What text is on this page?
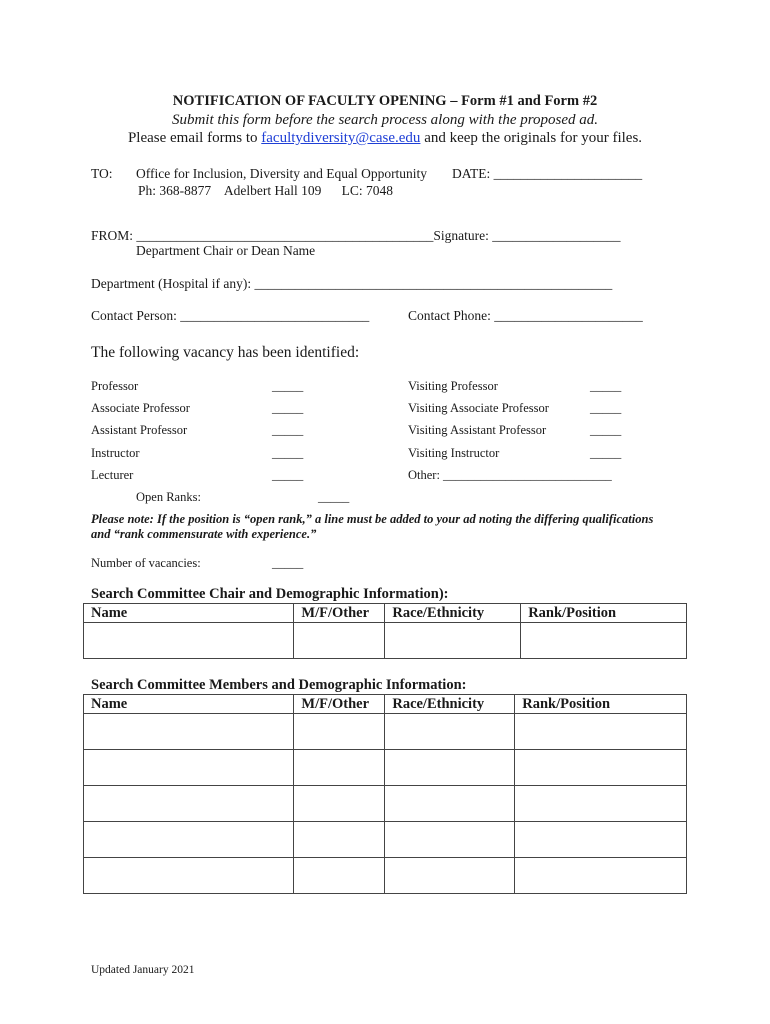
NOTIFICATION OF FACULTY OPENING – Form #1 and Form #2
Submit this form before the search process along with the proposed ad.
Please email forms to facultydiversity@case.edu and keep the originals for your files.
TO: Office for Inclusion, Diversity and Equal Opportunity DATE: ______________________
Ph: 368-8877    Adelbert Hall 109      LC: 7048
FROM: ____________________________________________Signature: ___________________
Department Chair or Dean Name
Department (Hospital if any): _____________________________________________________
Contact Person: ____________________________	Contact Phone: ______________________
The following vacancy has been identified:
Professor	_____	Visiting Professor	_____
Associate Professor	_____	Visiting Associate Professor	_____
Assistant Professor	_____	Visiting Assistant Professor	_____
Instructor	_____	Visiting Instructor	_____
Lecturer	_____	Other: ___________________________
Open Ranks:	_____
Please note: If the position is “open rank,” a line must be added to your ad noting the differing qualifications
and “rank commensurate with experience.”
Number of vacancies:	_____
Search Committee Chair and Demographic Information):
Name	M/F/Other	Race/Ethnicity	Rank/Position

Search Committee Members and Demographic Information:
Name	M/F/Other	Race/Ethnicity	Rank/Position

Updated January 2021
